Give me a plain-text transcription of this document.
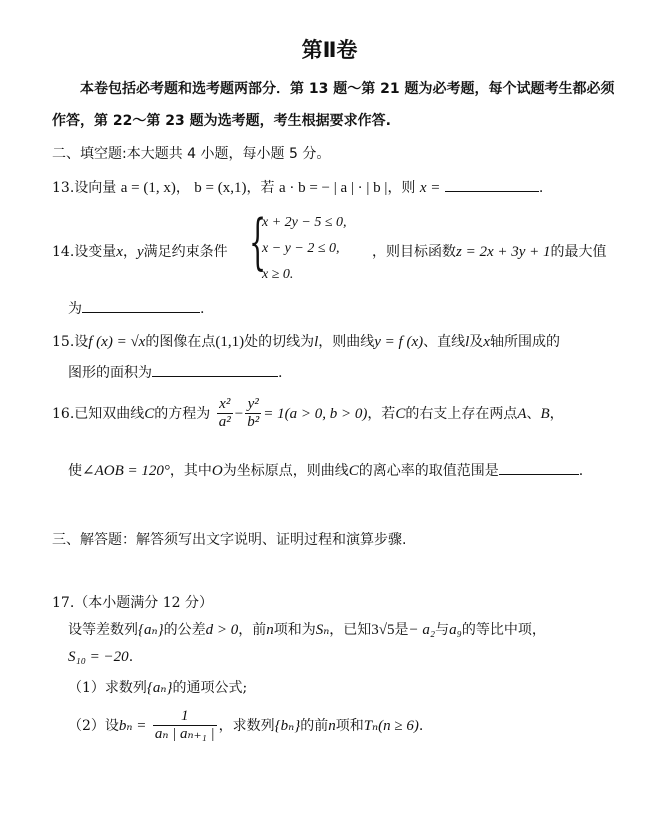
第Ⅱ卷
本卷包括必考题和选考题两部分．第 13 题～第 21 题为必考题，每个试题考生都必须
作答，第 22～第 23 题为选考题，考生根据要求作答.
二、填空题:本大题共 4 小题，每小题 5 分。
13.设向量 a = (1, x)， b = (x,1)，若 a · b = − | a | · | b |，则 x =	.
14.设变量x，y满足约束条件 {
x + 2y − 5 ≤ 0,
x − y − 2 ≤ 0,
x ≥ 0.
，则目标函数z = 2x + 3y + 1的最大值
为	.
15.设f (x) = √x的图像在点(1,1)处的切线为l，则曲线y = f (x)、直线l及x轴所围成的
图形的面积为	.
16.已知双曲线C的方程为 $\frac{\text{x²}}{\text{a²}} - \frac{\text{y²}}{\text{b²}} = 1(a > 0$, b > 0)，若C的右支上存在两点A、B，
使∠AOB = 120°，其中O为坐标原点，则曲线C的离心率的取值范围是	.
三、解答题：解答须写出文字说明、证明过程和演算步骤.
17.（本小题满分 12 分）
设等差数列{aₙ}的公差d > 0，前n项和为Sₙ，已知3√5是− a₂与a₉的等比中项，
S₁₀ = −20.
（1）求数列{aₙ}的通项公式;
（2）设$b_n = \frac{1}{\text{aₙ | aₙ₊₁ |}}$ ，求数列{bₙ}的前n项和Tₙ(n ≥ 6).
